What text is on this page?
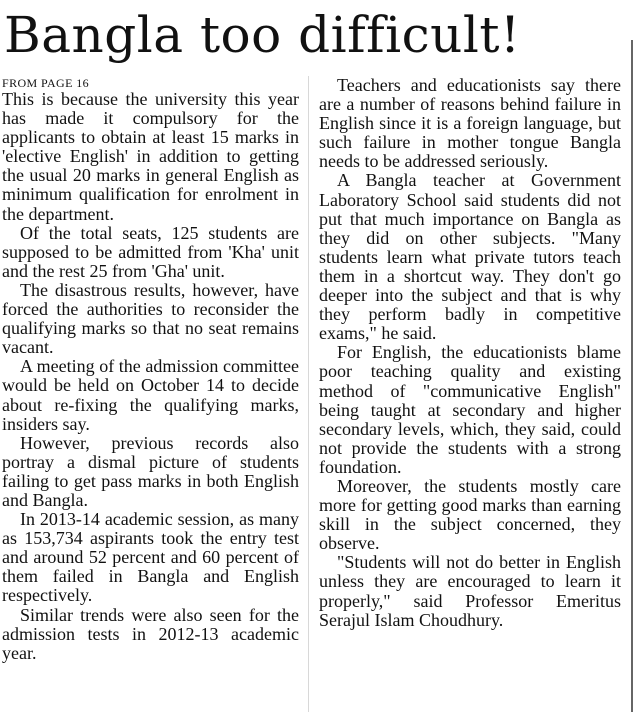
Bangla too difficult!
FROM PAGE 16

This is because the university this year has made it compulsory for the applicants to obtain at least 15 marks in 'elective English' in addition to getting the usual 20 marks in general English as minimum qualification for enrolment in the department.

Of the total seats, 125 students are supposed to be admitted from 'Kha' unit and the rest 25 from 'Gha' unit.

The disastrous results, however, have forced the authorities to reconsider the qualifying marks so that no seat remains vacant.

A meeting of the admission committee would be held on October 14 to decide about re-fixing the qualifying marks, insiders say.

However, previous records also portray a dismal picture of students failing to get pass marks in both English and Bangla.

In 2013-14 academic session, as many as 153,734 aspirants took the entry test and around 52 percent and 60 percent of them failed in Bangla and English respectively.

Similar trends were also seen for the admission tests in 2012-13 academic year.

Teachers and educationists say there are a number of reasons behind failure in English since it is a foreign language, but such failure in mother tongue Bangla needs to be addressed seriously.

A Bangla teacher at Government Laboratory School said students did not put that much importance on Bangla as they did on other subjects. "Many students learn what private tutors teach them in a shortcut way. They don't go deeper into the subject and that is why they perform badly in competitive exams," he said.

For English, the educationists blame poor teaching quality and existing method of "communicative English" being taught at secondary and higher secondary levels, which, they said, could not provide the students with a strong foundation.

Moreover, the students mostly care more for getting good marks than earning skill in the subject concerned, they observe.

"Students will not do better in English unless they are encouraged to learn it properly," said Professor Emeritus Serajul Islam Choudhury.
